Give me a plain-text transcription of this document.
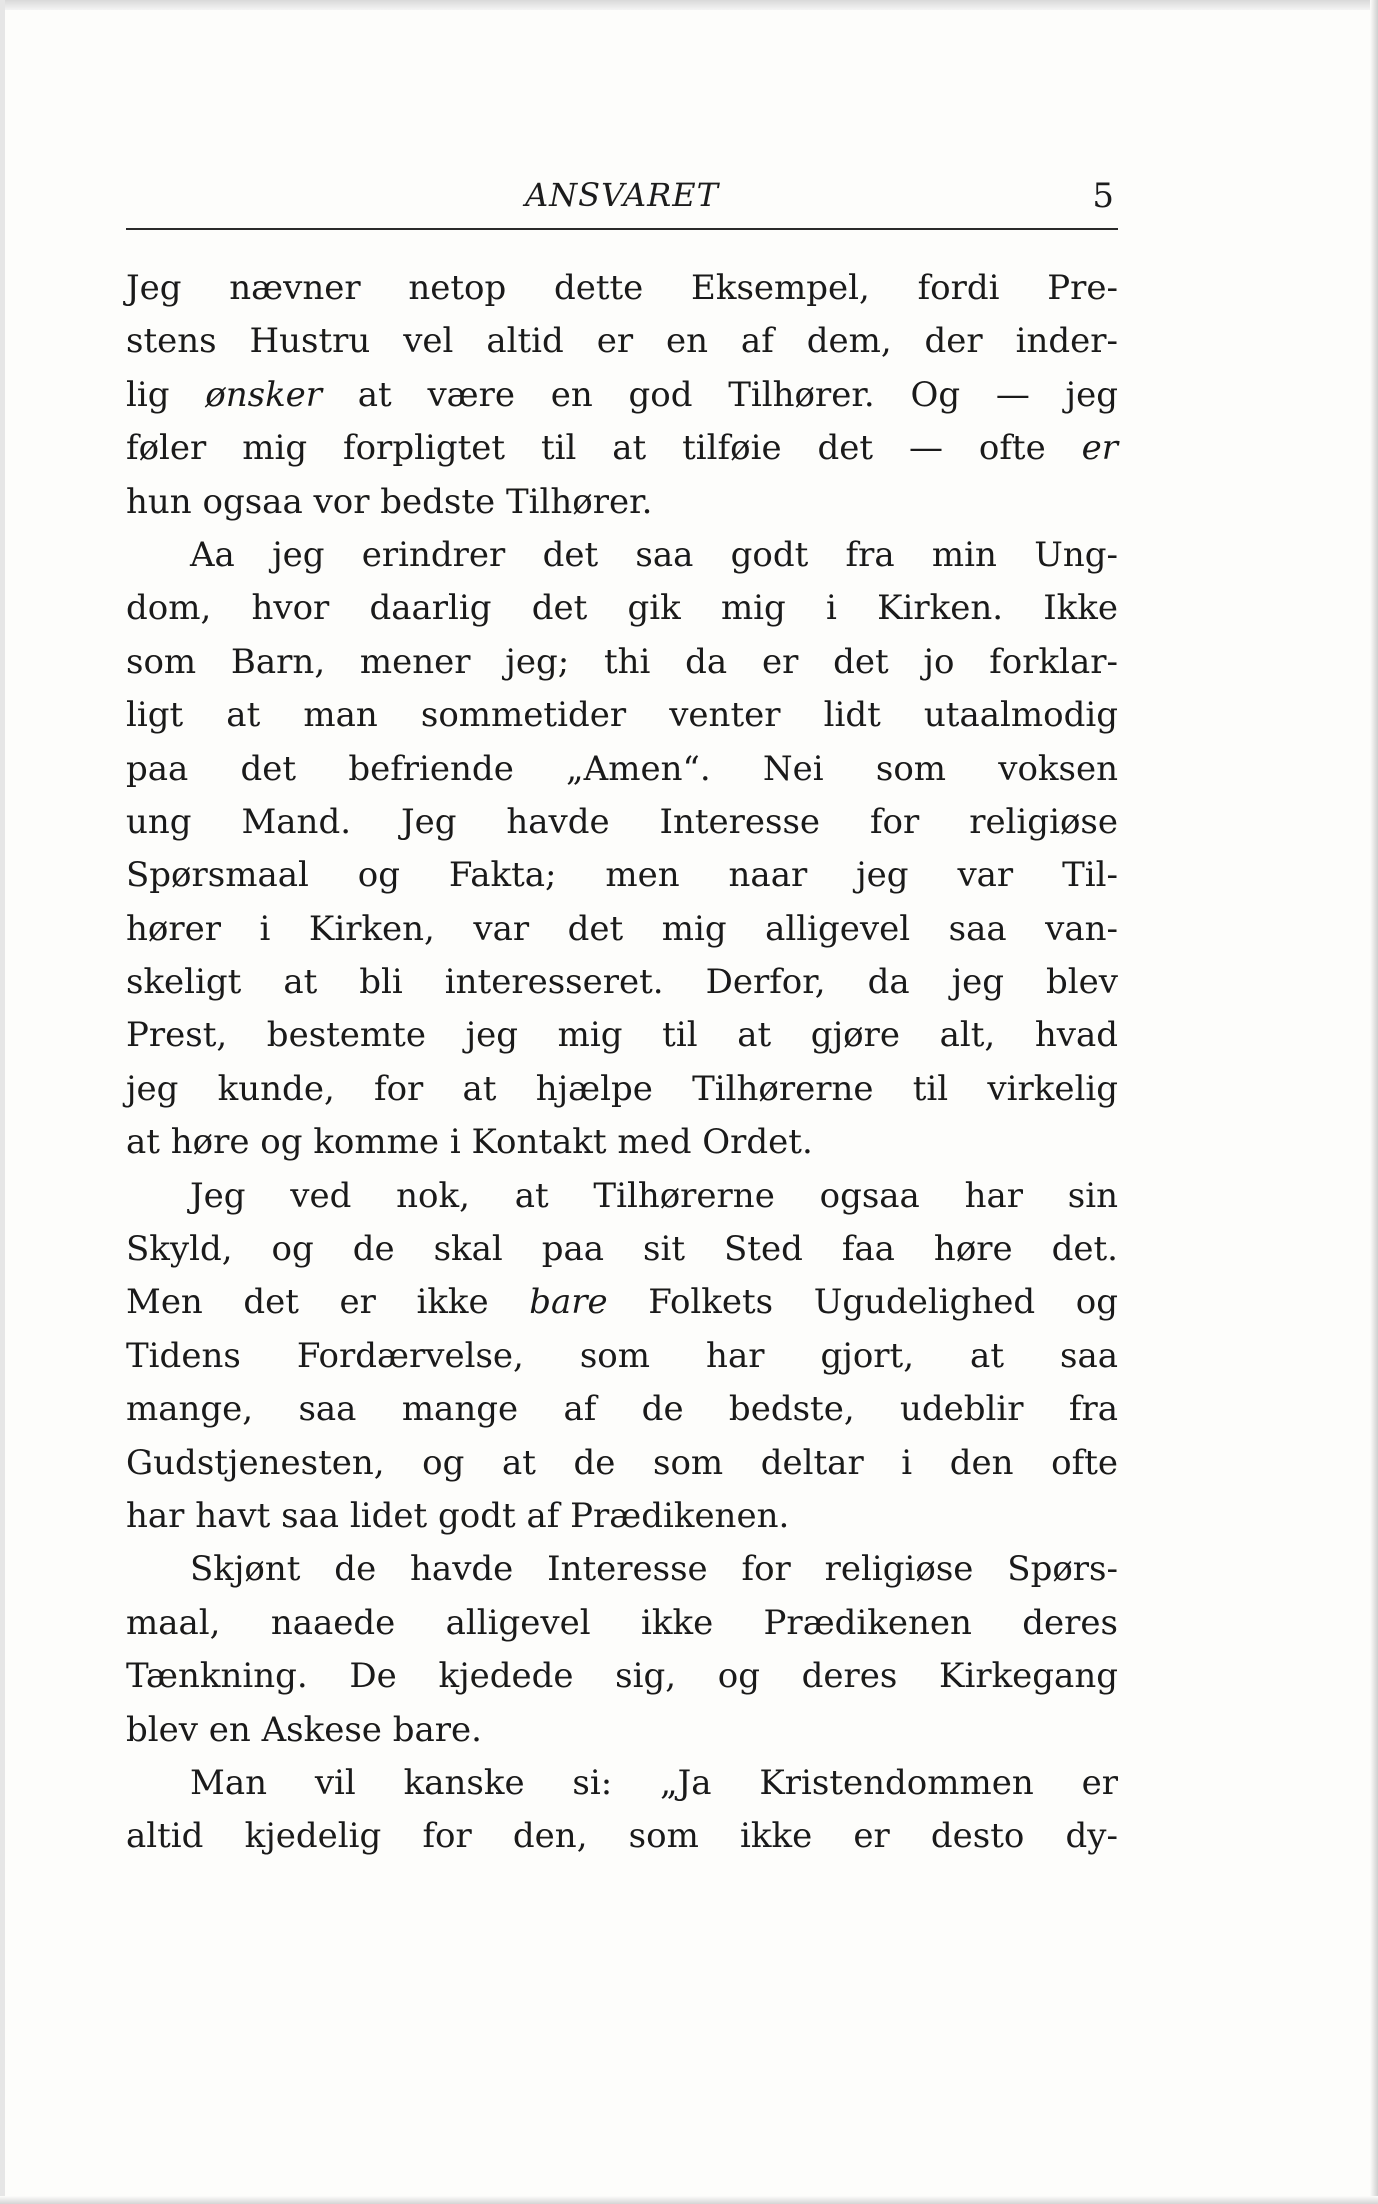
ANSVARET	5
Jeg nævner netop dette Eksempel, fordi Pre-
stens Hustru vel altid er en af dem, der inder-
lig ønsker at være en god Tilhører. Og — jeg
føler mig forpligtet til at tilføie det — ofte er
hun ogsaa vor bedste Tilhører.
Aa jeg erindrer det saa godt fra min Ung-
dom, hvor daarlig det gik mig i Kirken. Ikke
som Barn, mener jeg; thi da er det jo forklar-
ligt at man sommetider venter lidt utaalmodig
paa det befriende „Amen“. Nei som voksen
ung Mand. Jeg havde Interesse for religiøse
Spørsmaal og Fakta; men naar jeg var Til-
hører i Kirken, var det mig alligevel saa van-
skeligt at bli interesseret. Derfor, da jeg blev
Prest, bestemte jeg mig til at gjøre alt, hvad
jeg kunde, for at hjælpe Tilhørerne til virkelig
at høre og komme i Kontakt med Ordet.
Jeg ved nok, at Tilhørerne ogsaa har sin
Skyld, og de skal paa sit Sted faa høre det.
Men det er ikke bare Folkets Ugudelighed og
Tidens Fordærvelse, som har gjort, at saa
mange, saa mange af de bedste, udeblir fra
Gudstjenesten, og at de som deltar i den ofte
har havt saa lidet godt af Prædikenen.
Skjønt de havde Interesse for religiøse Spørs-
maal, naaede alligevel ikke Prædikenen deres
Tænkning. De kjedede sig, og deres Kirkegang
blev en Askese bare.
Man vil kanske si: „Ja Kristendommen er
altid kjedelig for den, som ikke er desto dy-
